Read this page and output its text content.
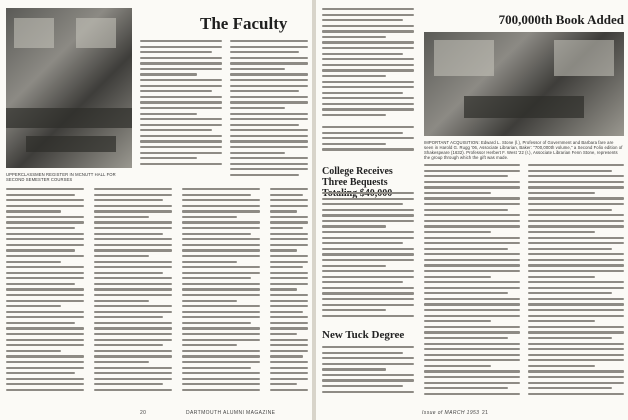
The Faculty
UPPERCLASSMEN REGISTER IN MCNUTT HALL FOR SECOND SEMESTER COURSES
20	DARTMOUTH ALUMNI MAGAZINE
700,000th Book Added
IMPORTANT ACQUISITION: Edward L. Stone (l.), Professor of Government and Barbara fare are seen in Harold G. Rugg '06, Associate Librarian, Baker: "700,000th volume," a Second Folio edition of Shakespeare (1632). Professor Herbert F. West '22 (r.), Associate Librarian Fenn Stone, represents the group through which the gift was made.
College Receives Three Bequests
New Tuck Degree
Issue of MARCH 1953 21
